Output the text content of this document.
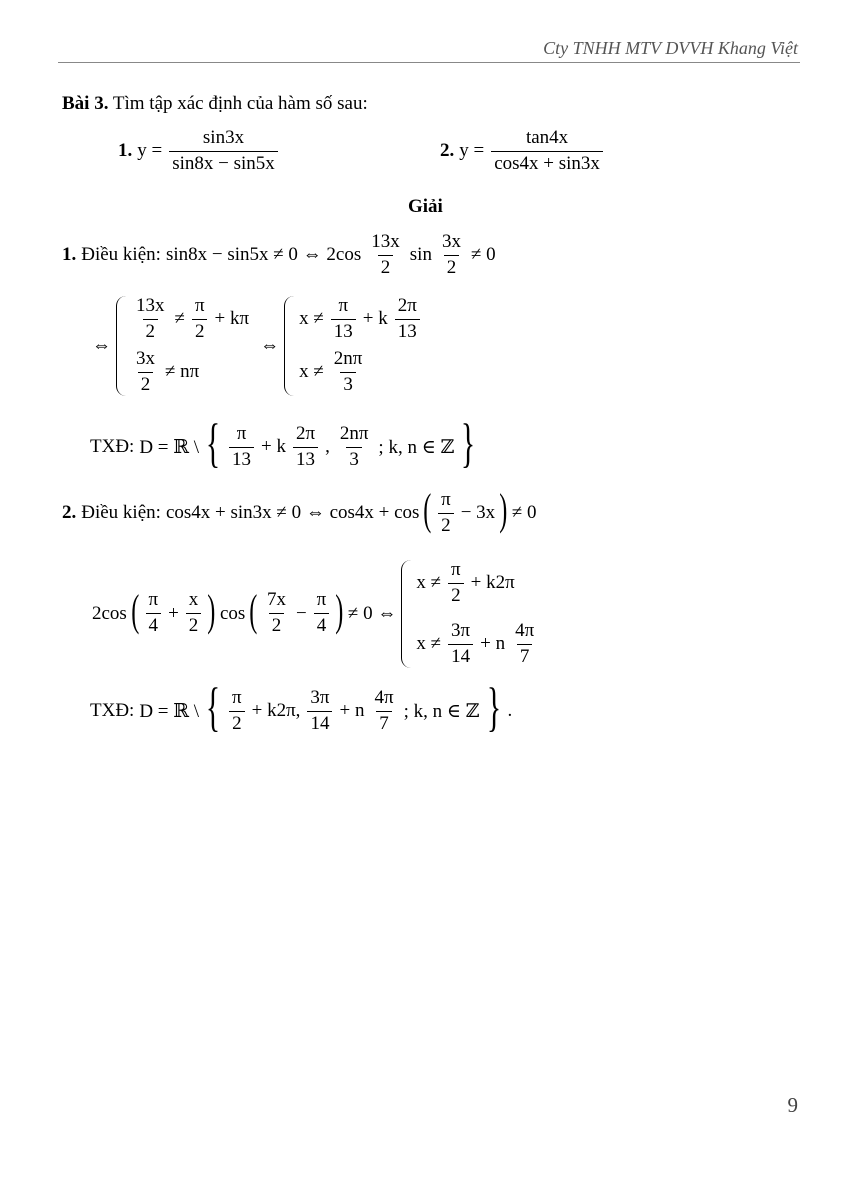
Cty TNHH MTV DVVH Khang Việt
Bài 3. Tìm tập xác định của hàm số sau:
1. $y = \frac{\sin 3x}{\sin 8x - \sin 5x}$	2. $y = \frac{\tan 4x}{\cos 4x + \sin 3x}$
Giải
1. Điều kiện: sin8x − sin5x ≠ 0 ⇔ $2\cos \frac{13x}{2}$ $\sin \frac{3x}{2} \ne 0$
⇔
$\frac{13x}{2} \ne \frac{\pi}{2} + k\pi$
$\frac{3x}{2} \ne n\pi$
⇔
$x \ne \frac{\pi}{13} + k \frac{2\pi}{13}$
$x \ne \frac{2n\pi}{3}$
TXĐ: D = ℝ \ { $\frac{\pi}{13} + k \frac{2\pi}{13}$ , $\frac{2n\pi}{3}$ ; k, n ∈ ℤ }
2. Điều kiện: cos4x + sin3x ≠ 0 ⇔ cos4x + cos ( $\frac{\pi}{2} - 3x$ ) ≠ 0
2cos ( $\frac{\pi}{4} + \frac{x}{2}$ ) cos ( $\frac{7x}{2} - \frac{\pi}{4}$ ) ≠ 0 ⇔
$x \ne \frac{\pi}{2} + k2\pi$
$x \ne \frac{3\pi}{14} + n \frac{4\pi}{7}$
TXĐ: D = ℝ \ { $\frac{\pi}{2} + k2\pi$, $\frac{3\pi}{14} + n \frac{4\pi}{7}$ ; k, n ∈ ℤ } .
9
